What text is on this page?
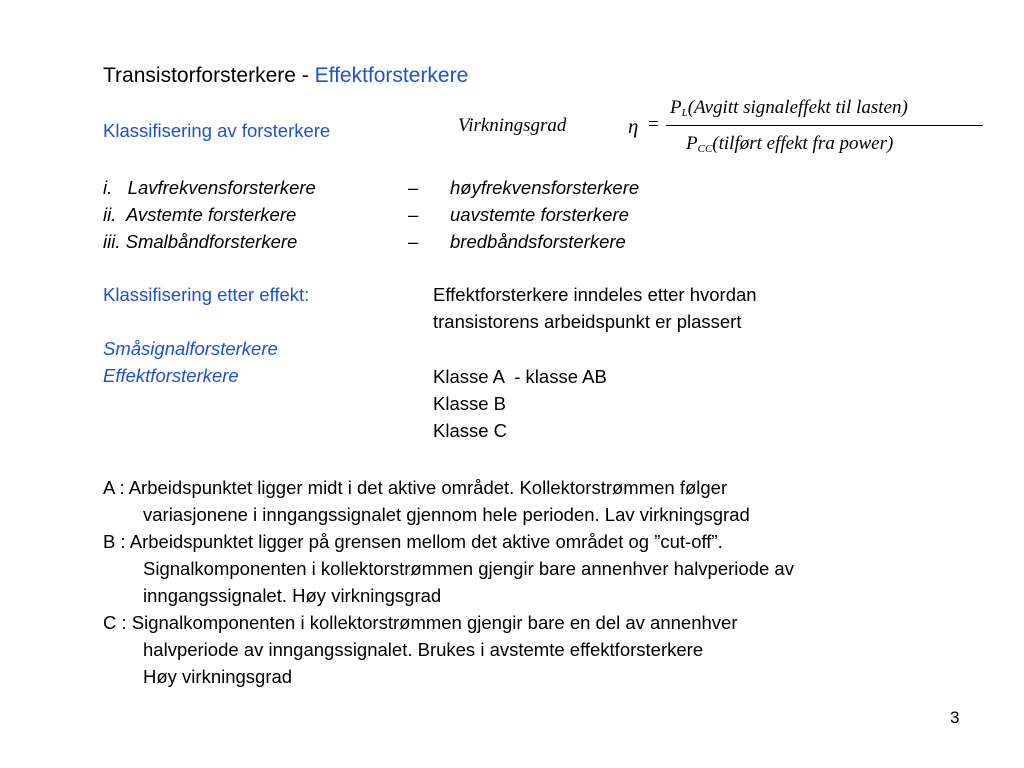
Transistorforsterkere - Effektforsterkere
Virkningsgrad	η =
$P_L(Avgitt$ signaleffekt til lasten)
$P_{CC}(tilført$ effekt fra power)
Klassifisering av forsterkere
i.   Lavfrekvensforsterkere
ii.  Avstemte forsterkere
iii. Smalbåndforsterkere
–
–
–
høyfrekvensforsterkere
uavstemte forsterkere
bredbåndsforsterkere
Klassifisering etter effekt:
Småsignalforsterkere
Effektforsterkere
Effektforsterkere inndeles etter hvordan
transistorens arbeidspunkt er plassert
Klasse A  - klasse AB
Klasse B
Klasse C
A : Arbeidspunktet ligger midt i det aktive området. Kollektorstrømmen følger
variasjonene i inngangssignalet gjennom hele perioden. Lav virkningsgrad
B : Arbeidspunktet ligger på grensen mellom det aktive området og ”cut-off”.
Signalkomponenten i kollektorstrømmen gjengir bare annenhver halvperiode av
inngangssignalet. Høy virkningsgrad
C : Signalkomponenten i kollektorstrømmen gjengir bare en del av annenhver
halvperiode av inngangssignalet. Brukes i avstemte effektforsterkere
Høy virkningsgrad
3
